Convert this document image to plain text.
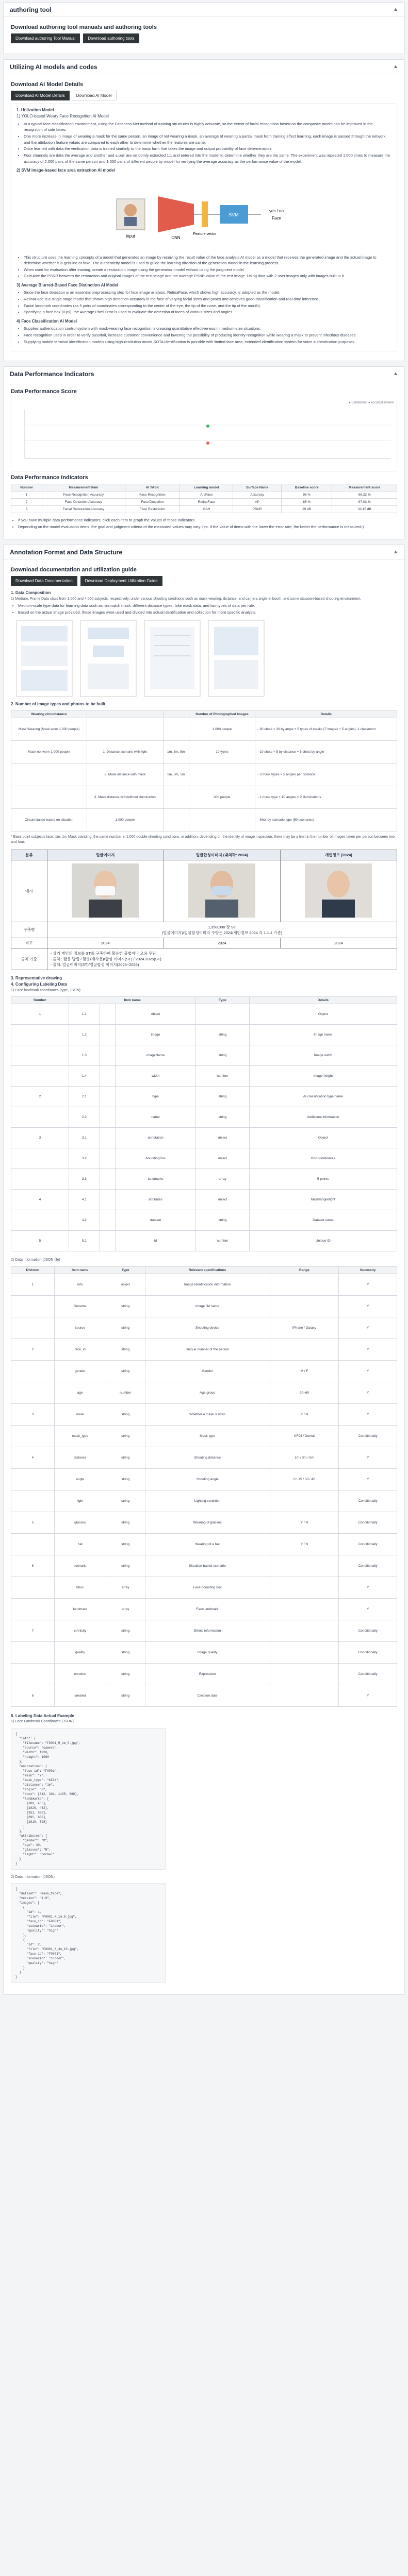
authoring tool	▲
Download authoring tool manuals and authoring tools
Download authoring Tool Manual	Download authoring tools
Utilizing AI models and codes	▲
Download AI Model Details
Download AI Model Details	Download AI Model
1. Utilization Model
1) YOLO-based Weary Face Recognition AI Model
• In a typical face classification environment, using the Faceness-Net method of training structures is highly accurate, so the extent of facial recognition based on the composite model can be improved in the recognition of side faces.
• One more increase in image of wearing a mask for the same person, an image of not wearing a mask, an average of wearing a partial mask from training effect learning, each image is passed through the network and the attribution feature values are compared to each other to determine whether the features are same.
• Once learned with data the verification data is trained similarly to the basic form that takes the image and output probability of face determination.
• Four channels are data the average and another and a pair are randomly extracted 1:1 and entered into the model to determine whether they are the same. The experiment was repeated 1,000 times to measure the accuracy of 2,000 pairs of the same person and 1,000 pairs of different people by model for verifying the average accuracy as the performance value of the model.
2) SVM image-based face area extraction AI model
input	CNN
Feature vector
SVM
yes / no
Face
• This structure uses the learning concepts of a model that generates an image by receiving the result value of the face analysis AI model as a model that receives the generated image and the actual image to determine whether it is genuine or fake. The authenticity model is used to guide the learning direction of the generation model in the learning process.
• When used for evaluation after training, create a restoration image using the generation model without using the judgment model.
• Calculate the PSNR between the restoration and original images of the test image and the average PSNR value of the test image. Using data with 2 user images only with images built in it.
3) Average Blurred-Based Face Distinction AI Model
• Since the face detection is an essential preprocessing step for face image analysis, RetinaFace, which shows high accuracy, is adopted as the model.
• RetinaFace is a single stage model that shows high detection accuracy in the face of varying facial sizes and poses and achieves good classification and real-time inference.
• Facial landmark coordinates (as 5 pairs of coordinates corresponding to the center of the eye, the tip of the nose, and the tip of the mouth).
• Specifying a face box (8 px), the Average Pixel Error is used to evaluate the detection of faces of various sizes and angles.
4) Face Classification AI Model
• Supplies authentication control system with mask-wearing face recognition, increasing quantitative effectiveness in medium-size situations.
• Face recognition used in order to verify pass/fail, increase customer convenience and lowering the possibility of producing identity recognition while wearing a mask to prevent infectious diseases.
• Supplying mobile terminal identification models using high-resolution mixed SOTA identification is possible with limited face area, extended identification system for voice authentication purposes.
Data Performance Indicators	▲
Data Performance Score
● Established ● Accomplishment
Data Performance Indicators
Number	Measurement Item	AI TASK	Learning model	Surface Name	Baseline score	Measurement score
1	Face Recognition Accuracy	Face Recognition	ArcFace	Accuracy	95 %	96.32 %
2	Face Detection Accuracy	Face Detection	RetinaFace	AP	85 %	97.03 %
3	Facial Restoration Accuracy	Face Restoration	GAN	PSNR	29 dB	33.15 dB
• If you have multiple data performance indicators, click each item to graph the values of those indicators.
• Depending on the model evaluation items, the goal and judgment criteria of the measured values may vary. (ex. If the value of items with the lower the error rate, the better the performance is measured.)
Annotation Format and Data Structure	▲
Download documentation and utilization guide
Download Data Documentation	Download Deployment Utilization Guide
1. Data Composition
1) Medium, Frame Data class from 1,000 and 4,000 subjects, respectively, under various shooting conditions such as mask wearing, distance, and camera angle in booth, and some situation-based shooting environment.
• Medium-scale type data for learning data such as mismatch mask, different distance types, fake mask data, and two types of data per rule.
• Based on the actual image provided, these images were used and divided into actual identification and collection for more specific analysis.
2. Number of image types and photos to be built
Wearing circumstance			Number of Photographed Images	Details
Mask Wearing (Mask worn 1,000 people)			1,000 people	- 30 shots × 30 by angle + 5 types of masks (7 images + 5 angles), 1 classroom
Mask not worn 1,000 people	1. Distance scenario with light	1m, 3m, 5m	10 types	- 10 shots × 5 by distance + 5 shots by angle
	2. Mask distance with mask	1m, 3m, 5m		- 3 mask types × 5 angles per distance
	3. Mask distance with/without illumination		300 people	- 1 mask type × 10 angles × 2 illuminations
Circumstance based on situation	1,000 people			- Shot by scenario type (50 scenarios)
* Base point subject's face: 1m. 1m Mask standing, the same number in 1,000 double shooting conditions, in addition, depending on the identity of image inspection, there may be a limit in the number of images taken per person between two and four.
분류	얼굴이미지	얼굴합성이미지 (내외곽: 2024)	개인정보 (2024)
예시			
구축량	1,958,000 장 ST
(얼굴이미지)/얼굴합성이미지 수량은 2024/개인정보 2024 각 1.1.1 기준)		

비고	2024	2024	2024
출처 기준	- 상기 개인의 정보를 ST를 구축하여 활용한 불법이나 오용 무단
- 출처 : 활용 방법 / 활용(재사용)/합성 이미지(ST) / 2024 2025(ST)
- 출처: 얼굴이미지(ST)/얼굴합성 이미지(2025~2026)		
3. Representative drawing
4. Configuring Labeling Data
1) Face landmark coordinates (type, JSON)
Number	Item name			Type	Details
1	1.1		object		Object
	1.2		image	string	Image name
	1.3		imageName	string	Image width
	1.4		width	number	Image height
2	2.1		type	string	AI classification type name
	2.2		name	string	Additional information
3	3.1		annotation	object	Object
	3.2		boundingBox	object	Box coordinates
	3.3		landmarks	array	5 points
4	4.1		attributes	object	Mask/angle/light
	4.2		dataset	string	Dataset name
5	5.1		id	number	Unique ID
2) Data information (JSON file)
Division	Item name	Type	Relevant specifications	Range	Necessity
1	info	object	Image Identification information		Y
	filename	string	Image file name		Y
	source	string	Shooting device	iPhone / Galaxy	Y
2	face_id	string	Unique number of the person		Y
	gender	string	Gender	M / F	Y
	age	number	Age group	20~60	Y
3	mask	string	Whether a mask is worn	Y / N	Y
	mask_type	string	Mask type	KF94 / Dental	Conditionally
4	distance	string	Shooting distance	1m / 3m / 5m	Y
	angle	string	Shooting angle	0 / 15 / 30 / 45	Y
	light	string	Lighting condition		Conditionally
5	glasses	string	Wearing of glasses	Y / N	Conditionally
	hat	string	Wearing of a hat	Y / N	Conditionally
6	scenario	string	Situation-based scenario		Conditionally
	bbox	array	Face bounding box		Y
	landmark	array	Face landmark		Y
7	ethnicity	string	Ethnic information		Conditionally
	quality	string	Image quality		Conditionally
	emotion	string	Expression		Conditionally
8	created	string	Creation date		Y
5. Labeling Data Actual Example
1) Face Landmark Coordinates (JSON)
{
"info": {
"filename": "F0001_M_1m_0.jpg",
"source": "camera",
"width": 1920,
"height": 1080
},
"annotation": {
"face_id": "F0001",
"mask": "Y",
"mask_type": "KF94",
"distance": "1m",
"angle": "0",
"bbox": [812, 301, 1105, 688],
"landmarks": [
[880, 455],
[1020, 452],
[951, 530],
[895, 600],
[1010, 598]
]
},
"attributes": {
"gender": "M",
"age": 30,
"glasses": "N",
"light": "normal"
}
}
2) Data information (JSON)
{
"dataset": "mask_face",
"version": "1.0",
"images": [
{
"id": 1,
"file": "F0001_M_1m_0.jpg",
"face_id": "F0001",
"scenario": "indoor",
"quality": "high"
},
{
"id": 2,
"file": "F0001_M_3m_15.jpg",
"face_id": "F0001",
"scenario": "indoor",
"quality": "high"
}
]
}
